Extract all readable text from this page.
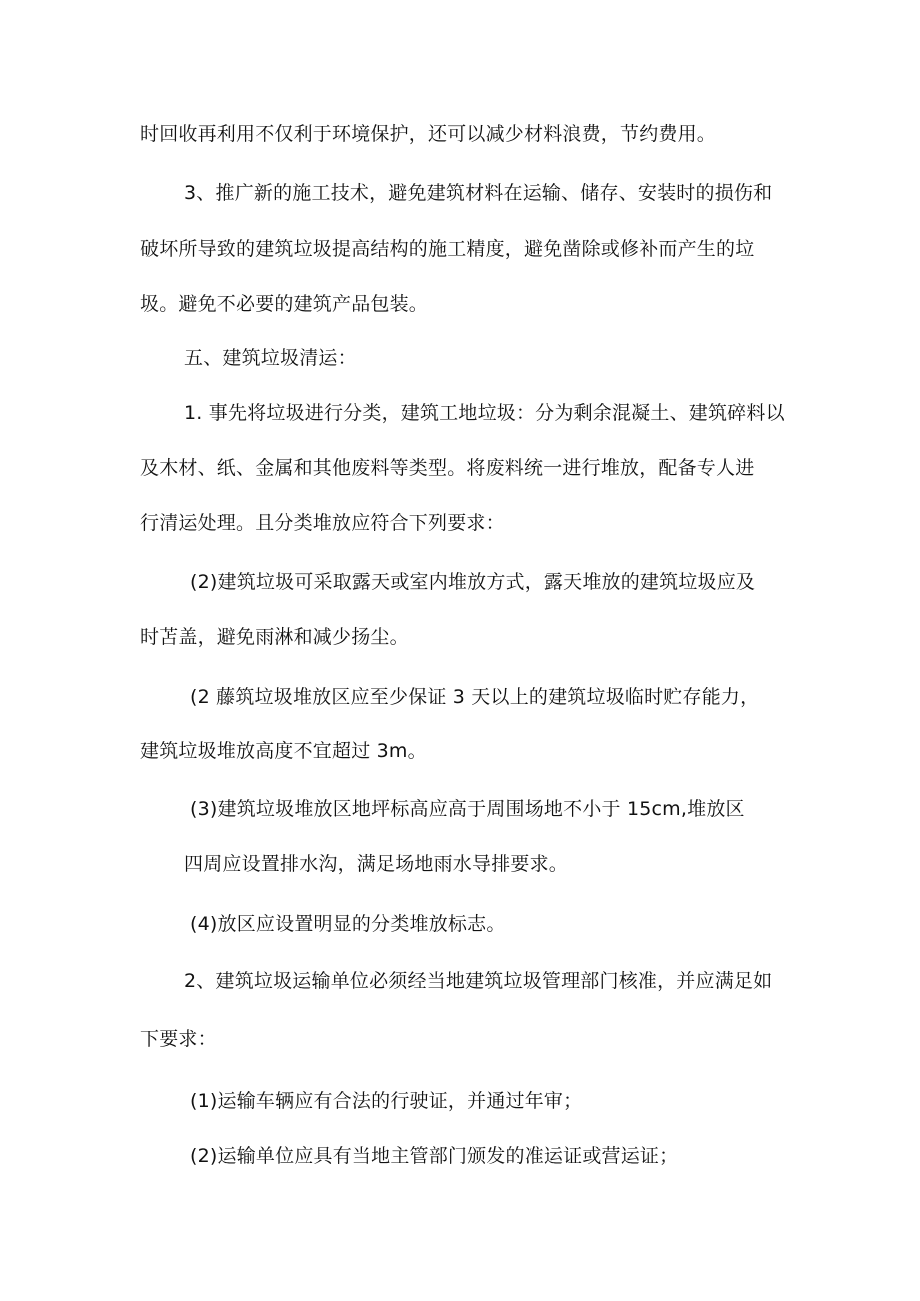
时回收再利用不仅利于环境保护，还可以减少材料浪费，节约费用。
3、推广新的施工技术，避免建筑材料在运输、储存、安装时的损伤和
破坏所导致的建筑垃圾提高结构的施工精度，避免凿除或修补而产生的垃
圾。避免不必要的建筑产品包装。
五、建筑垃圾清运：
1. 事先将垃圾进行分类，建筑工地垃圾：分为剩余混凝土、建筑碎料以
及木材、纸、金属和其他废料等类型。将废料统一进行堆放，配备专人进
行清运处理。且分类堆放应符合下列要求：
(2)建筑垃圾可采取露天或室内堆放方式，露天堆放的建筑垃圾应及
时苫盖，避免雨淋和减少扬尘。
(2 藤筑垃圾堆放区应至少保证 3 天以上的建筑垃圾临时贮存能力，
建筑垃圾堆放高度不宜超过 3m。
(3)建筑垃圾堆放区地坪标高应高于周围场地不小于 15cm,堆放区
四周应设置排水沟，满足场地雨水导排要求。
(4)放区应设置明显的分类堆放标志。
2、建筑垃圾运输单位必须经当地建筑垃圾管理部门核准，并应满足如
下要求：
(1)运输车辆应有合法的行驶证，并通过年审；
(2)运输单位应具有当地主管部门颁发的准运证或营运证；
